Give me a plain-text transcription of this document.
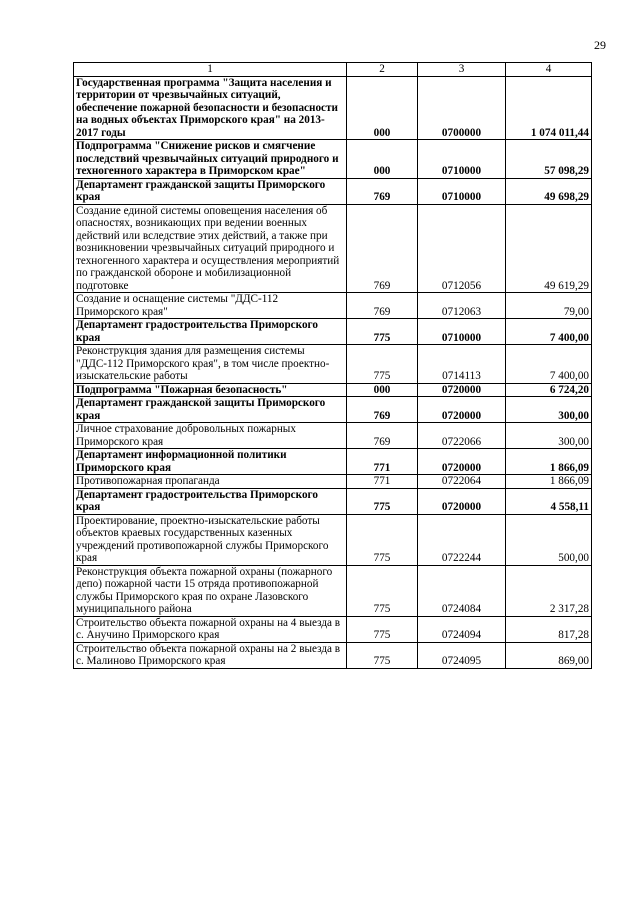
29
1	2	3	4
Государственная программа "Защита населения и территории от чрезвычайных ситуаций, обеспечение пожарной безопасности и безопасности на водных объектах Приморского края" на 2013-2017 годы	000	0700000	1 074 011,44
Подпрограмма "Снижение рисков и смягчение последствий чрезвычайных ситуаций природного и техногенного характера в Приморском крае"	000	0710000	57 098,29
Департамент гражданской защиты Приморского края	769	0710000	49 698,29
Создание единой системы оповещения населения об опасностях, возникающих при ведении военных действий или вследствие этих действий, а также при возникновении чрезвычайных ситуаций природного и техногенного характера и осуществления мероприятий по гражданской обороне и мобилизационной подготовке	769	0712056	49 619,29
Создание и оснащение системы "ДДС-112 Приморского края"	769	0712063	79,00
Департамент градостроительства Приморского края	775	0710000	7 400,00
Реконструкция здания для размещения системы "ДДС-112 Приморского края", в том числе проектно-изыскательские работы	775	0714113	7 400,00
Подпрограмма "Пожарная безопасность"	000	0720000	6 724,20
Департамент гражданской защиты Приморского края	769	0720000	300,00
Личное страхование добровольных пожарных Приморского края	769	0722066	300,00
Департамент информационной политики Приморского края	771	0720000	1 866,09
Противопожарная пропаганда	771	0722064	1 866,09
Департамент градостроительства Приморского края	775	0720000	4 558,11
Проектирование, проектно-изыскательские работы объектов краевых государственных казенных учреждений противопожарной службы Приморского края	775	0722244	500,00
Реконструкция объекта пожарной охраны (пожарного депо) пожарной части 15 отряда противопожарной службы Приморского края по охране Лазовского муниципального района	775	0724084	2 317,28
Строительство объекта пожарной охраны на 4 выезда в с. Анучино Приморского края	775	0724094	817,28
Строительство объекта пожарной охраны на 2 выезда в с. Малиново Приморского края	775	0724095	869,00
